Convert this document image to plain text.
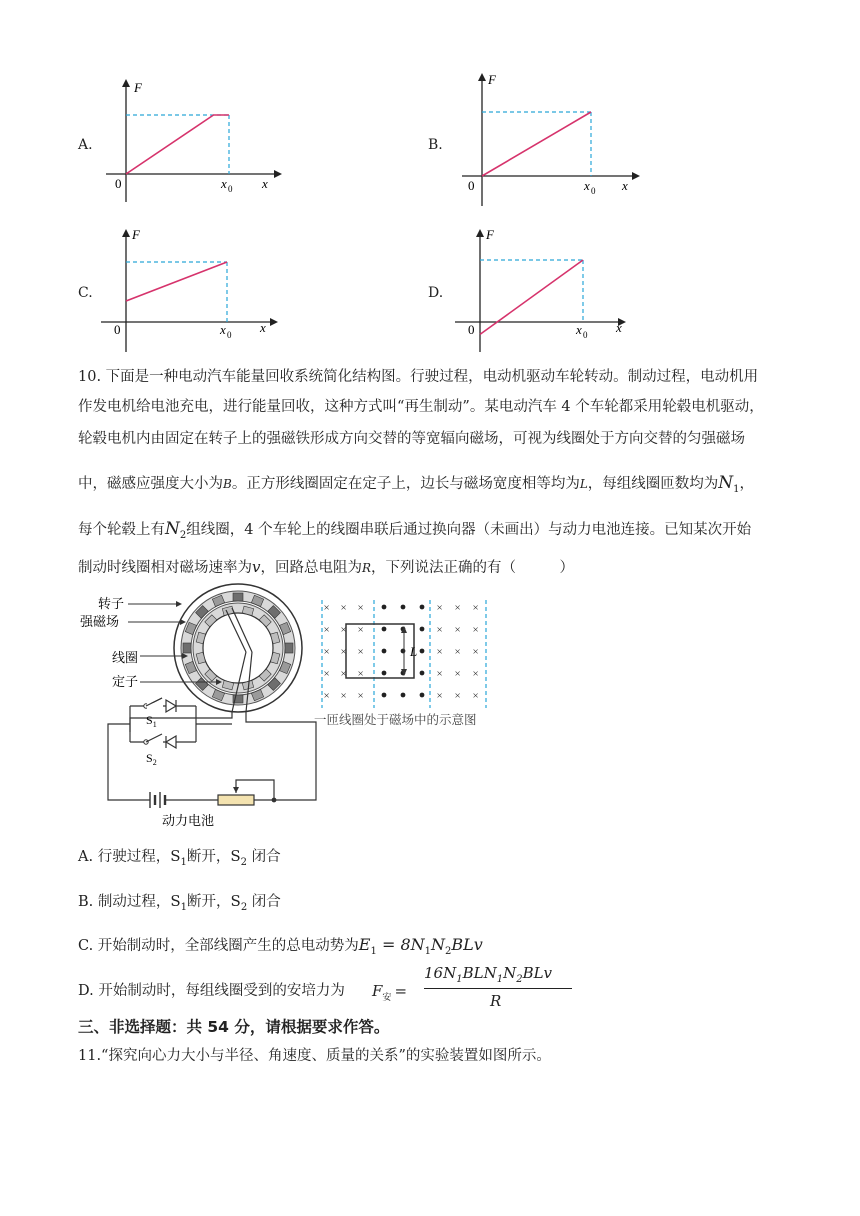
A.
F
x
0	x 0
B.
F
x
0	x 0
C.
F
x
0	x 0
D.
F
x
0	x 0
10. 下面是一种电动汽车能量回收系统简化结构图。行驶过程，电动机驱动车轮转动。制动过程，电动机用
作发电机给电池充电，进行能量回收，这种方式叫“再生制动”。某电动汽车 4 个车轮都采用轮毂电机驱动，
轮毂电机内由固定在转子上的强磁铁形成方向交替的等宽辐向磁场，可视为线圈处于方向交替的匀强磁场
中，磁感应强度大小为B。正方形线圈固定在定子上，边长与磁场宽度相等均为L，每组线圈匝数均为$N_1$，
每个轮毂上有$N_2$组线圈，4 个车轮上的线圈串联后通过换向器（未画出）与动力电池连接。已知某次开始
制动时线圈相对磁场速率为v，回路总电阻为R，下列说法正确的有（　　　）
转子
强磁场
线圈
定子
$S_1$
$S_2$
动力电池
×
×
×
×
×
×
×
×
×
×
×
×
×
×
×
×
×
×
×
×
×
×
×
×
×
×
×
×
×
×
L
一匝线圈处于磁场中的示意图
A. 行驶过程，$S_1$断开，$S_2$ 闭合
B. 制动过程，$S_1$断开，$S_2$ 闭合
C. 开始制动时，全部线圈产生的总电动势为$E_1 = 8N_1N_2BLv$
D. 开始制动时，每组线圈受到的安培力为 $F_安$ =
$16N_1BLN_1N_2BLv$
R
三、非选择题：共 54 分，请根据要求作答。
11.“探究向心力大小与半径、角速度、质量的关系”的实验装置如图所示。
